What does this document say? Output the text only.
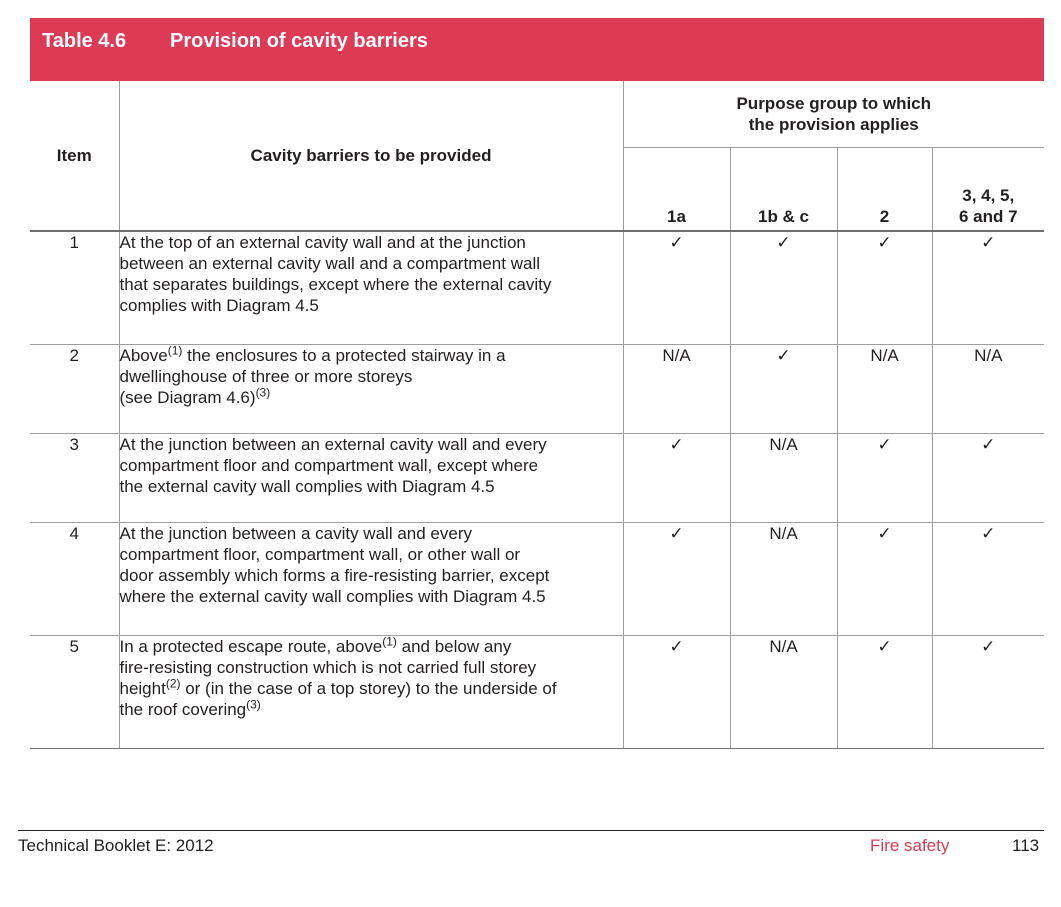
Table 4.6 Provision of cavity barriers
Item	Cavity barriers to be provided	Purpose group to which
the provision applies			
		1a	1b & c	2	3, 4, 5,
6 and 7
1	At the top of an external cavity wall and at the junction
between an external cavity wall and a compartment wall
that separates buildings, except where the external cavity
complies with Diagram 4.5	✓	✓	✓	✓
2	Above$^{(1)}$ the enclosures to a protected stairway in a
dwellinghouse of three or more storeys
(see Diagram 4.6)$^{(3)}$	N/A	✓	N/A	N/A
3	At the junction between an external cavity wall and every
compartment floor and compartment wall, except where
the external cavity wall complies with Diagram 4.5	✓	N/A	✓	✓
4	At the junction between a cavity wall and every
compartment floor, compartment wall, or other wall or
door assembly which forms a fire-resisting barrier, except
where the external cavity wall complies with Diagram 4.5	✓	N/A	✓	✓
5	In a protected escape route, above$^{(1)}$ and below any
fire-resisting construction which is not carried full storey
height$^{(2)}$ or (in the case of a top storey) to the underside of
the roof covering$^{(3)}$	✓	N/A	✓	✓
Technical Booklet E: 2012	Fire safety	113
